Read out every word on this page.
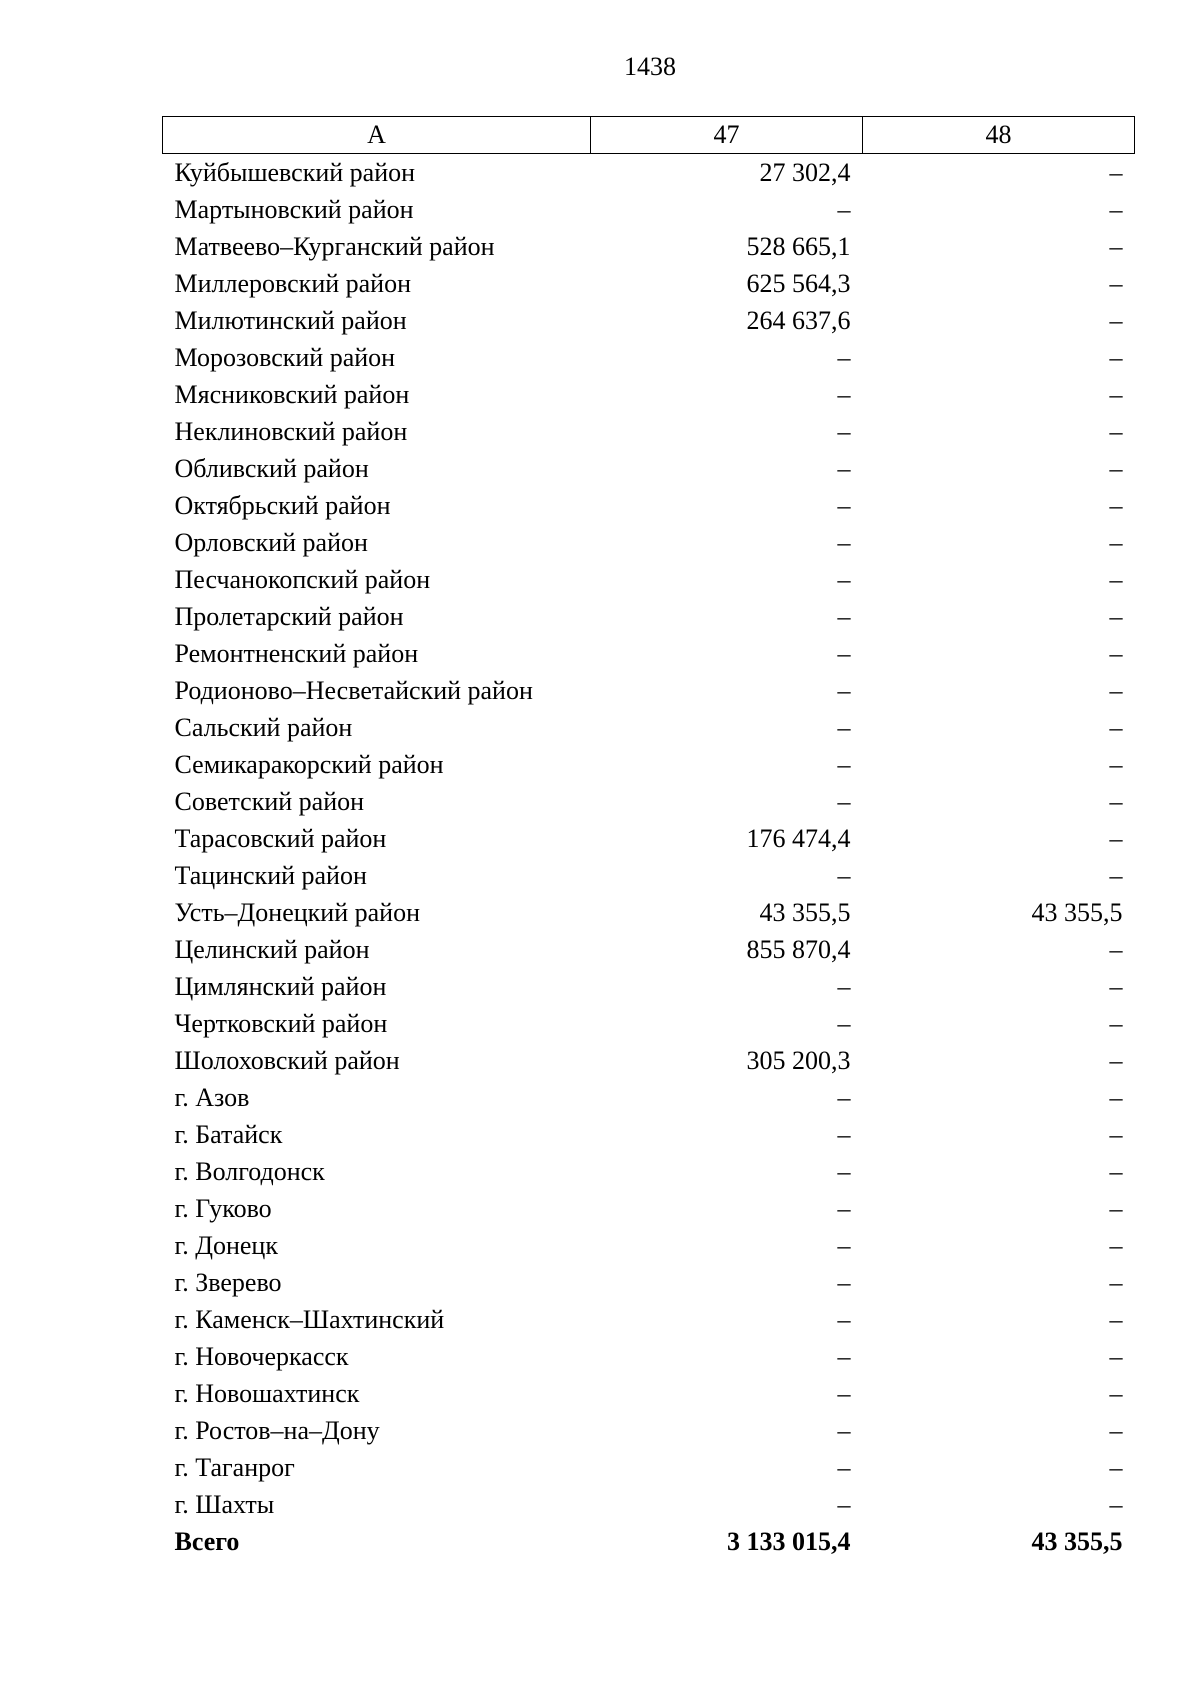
1438
А	47	48
Куйбышевский район	27 302,4	–
Мартыновский район	–	–
Матвеево–Курганский район	528 665,1	–
Миллеровский район	625 564,3	–
Милютинский район	264 637,6	–
Морозовский район	–	–
Мясниковский район	–	–
Неклиновский район	–	–
Обливский район	–	–
Октябрьский район	–	–
Орловский район	–	–
Песчанокопский район	–	–
Пролетарский район	–	–
Ремонтненский район	–	–
Родионово–Несветайский район	–	–
Сальский район	–	–
Семикаракорский район	–	–
Советский район	–	–
Тарасовский район	176 474,4	–
Тацинский район	–	–
Усть–Донецкий район	43 355,5	43 355,5
Целинский район	855 870,4	–
Цимлянский район	–	–
Чертковский район	–	–
Шолоховский район	305 200,3	–
г. Азов	–	–
г. Батайск	–	–
г. Волгодонск	–	–
г. Гуково	–	–
г. Донецк	–	–
г. Зверево	–	–
г. Каменск–Шахтинский	–	–
г. Новочеркасск	–	–
г. Новошахтинск	–	–
г. Ростов–на–Дону	–	–
г. Таганрог	–	–
г. Шахты	–	–
Всего	3 133 015,4	43 355,5
